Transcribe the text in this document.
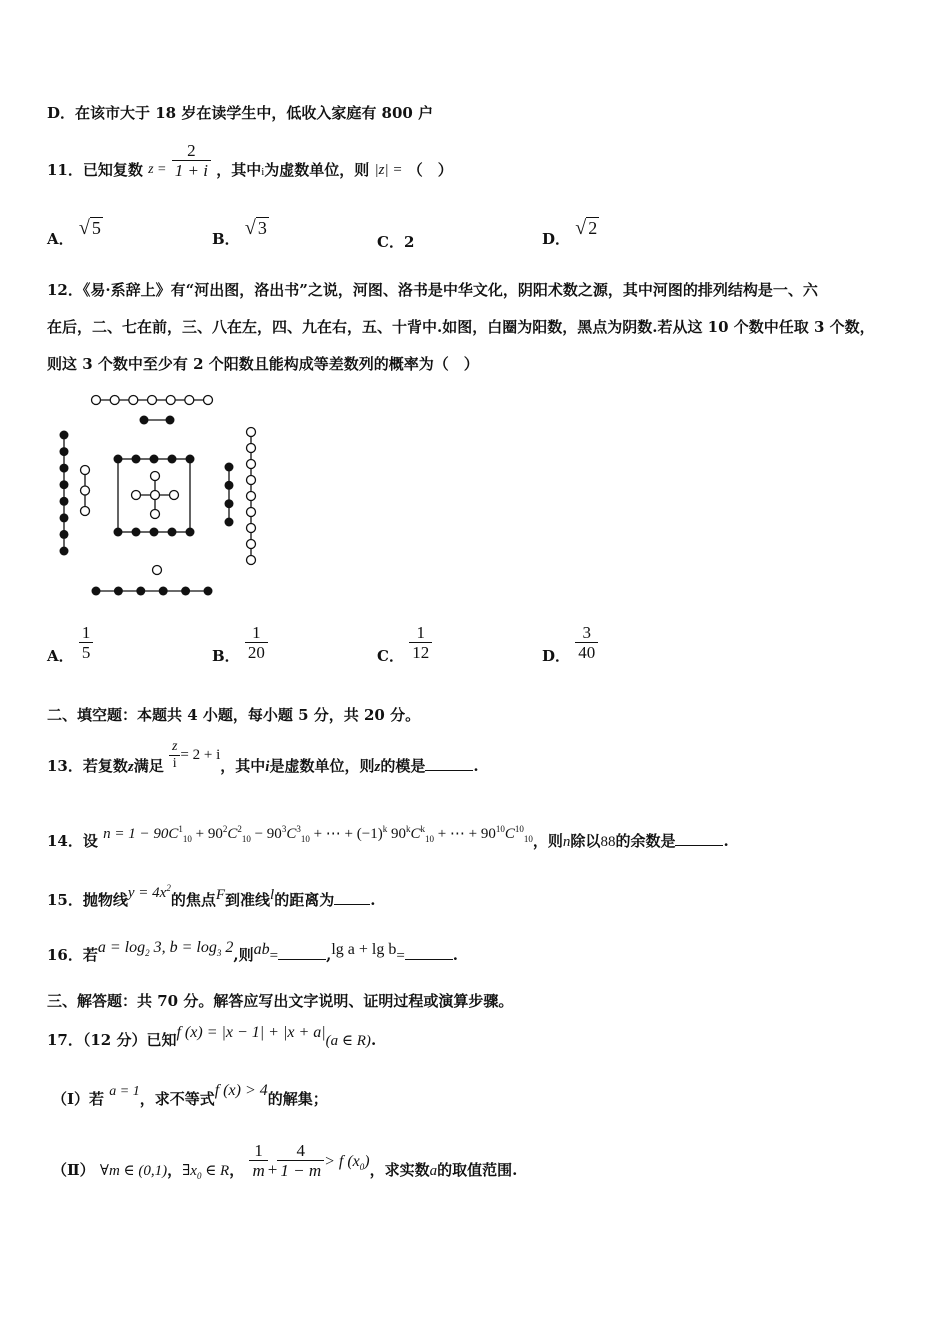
D．在该市大于 18 岁在读学生中，低收入家庭有 800 户
11．已知复数 $z = \frac{2}{1 + i}$ ，其中i为虚数单位，则 |z| = （　）
A． √ 5
B． √ 3
C．2	D． √ 2
12．《易·系辞上》有“河出图，洛出书”之说，河图、洛书是中华文化，阴阳术数之源，其中河图的排列结构是一、六
在后，二、七在前，三、八在左，四、九在右，五、十背中.如图，白圈为阳数，黑点为阴数.若从这 10 个数中任取 3 个数，
则这 3 个数中至少有 2 个阳数且能构成等差数列的概率为（　）
A． $\frac{1}{5}$	B． $\frac{1}{20}$	C． $\frac{1}{12}$	D． $\frac{3}{40}$
二、填空题：本题共 4 小题，每小题 5 分，共 20 分。
13．若复数z满足 $\frac{z}{i} = 2 + i$，其中i是虚数单位，则z的模是	.
14．设 $n = 1 - 90C^1_{10} + 90^2C^2_{10} - 90^3C^3_{10}$ + ⋯ + $(-1)^k$ $90^kC^k_{10}$ + ⋯ + $90^{10}C^{10}_{10}$，则n除以88的余数是	.
15．抛物线$y = 4x^2$的焦点F到准线l的距离为 .
16．若$a = \log_2 3$, $b = \log_3 2$,则ab=	,lg a + lg b=	.
三、解答题：共 70 分。解答应写出文字说明、证明过程或演算步骤。
17．（12 分）已知f (x) = |x − 1| + |x + a|(a ∈ R).
（Ⅰ）若 a = 1，求不等式f (x) > 4的解集；
（Ⅱ） ∀m ∈ (0,1)，$\exists x_0$ ∈ R， $\frac{1}{m} + \frac{4}{1 - m} > f$ $(x_0)$，求实数a的取值范围.
